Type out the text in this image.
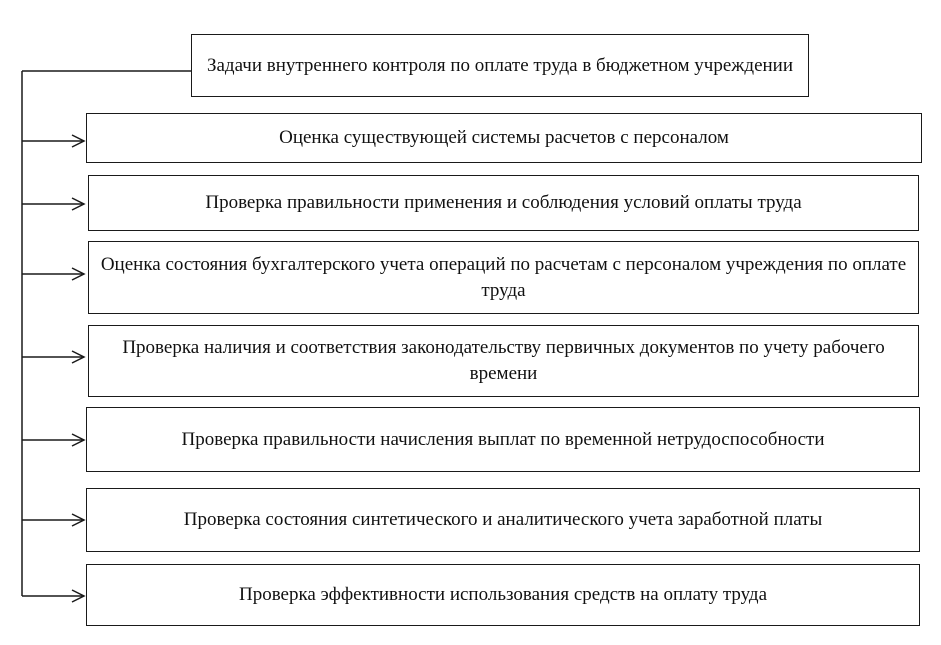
Задачи внутреннего контроля по оплате труда в бюджетном учреждении
Оценка существующей системы расчетов с персоналом
Проверка правильности применения и соблюдения условий оплаты труда
Оценка состояния бухгалтерского учета операций по расчетам с персоналом учреждения по оплате труда
Проверка наличия и соответствия законодательству первичных документов по учету рабочего времени
Проверка правильности начисления выплат по временной нетрудоспособности
Проверка состояния синтетического и аналитического учета заработной платы
Проверка эффективности использования средств на оплату труда
